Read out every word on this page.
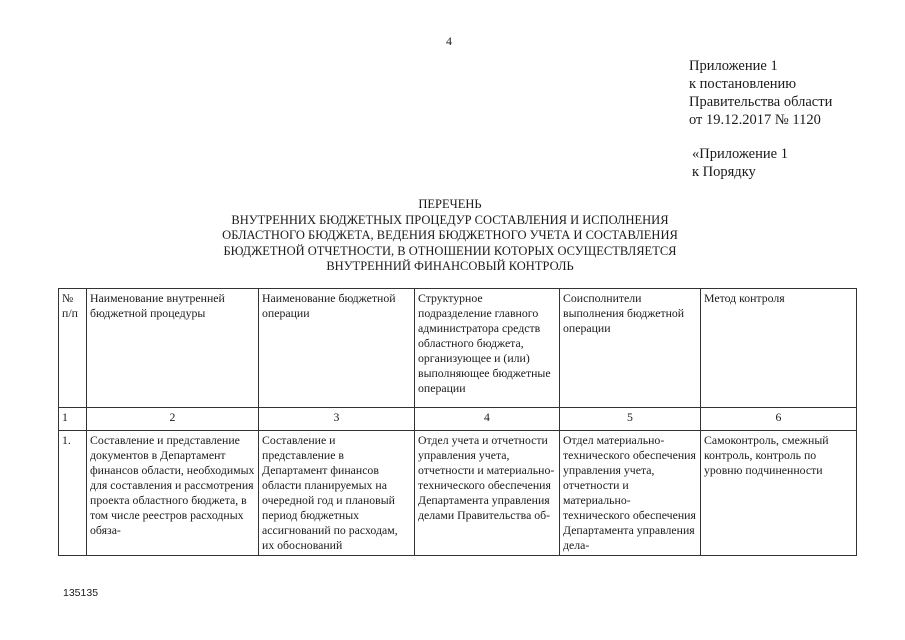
4
Приложение 1
к постановлению
Правительства области
от 19.12.2017 № 1120
«Приложение 1
к Порядку
ПЕРЕЧЕНЬ
ВНУТРЕННИХ БЮДЖЕТНЫХ ПРОЦЕДУР СОСТАВЛЕНИЯ И ИСПОЛНЕНИЯ
ОБЛАСТНОГО БЮДЖЕТА, ВЕДЕНИЯ БЮДЖЕТНОГО УЧЕТА И СОСТАВЛЕНИЯ
БЮДЖЕТНОЙ ОТЧЕТНОСТИ, В ОТНОШЕНИИ КОТОРЫХ ОСУЩЕСТВЛЯЕТСЯ
ВНУТРЕННИЙ ФИНАНСОВЫЙ КОНТРОЛЬ
№ п/п	Наименование внутренней бюджетной процедуры	Наименование бюджетной операции	Структурное подразделение главного администратора средств областного бюджета, организующее и (или) выполняющее бюджетные операции	Соисполнители выполнения бюджетной операции	Метод контроля
1	2	3	4	5	6
1.	Составление и представление документов в Департамент финансов области, необходимых для составления и рассмотрения проекта областного бюджета, в том числе реестров расходных обяза-	Составление и представление в Департамент финансов области планируемых на очередной год и плановый период бюджетных ассигнований по расходам, их обоснований	Отдел учета и отчетности управления учета, отчетности и материально-технического обеспечения Департамента управления делами Правительства об-	Отдел материально-технического обеспечения управления учета, отчетности и материально-технического обеспечения Департамента управления дела-	Самоконтроль, смежный контроль, контроль по уровню подчиненности
135135
